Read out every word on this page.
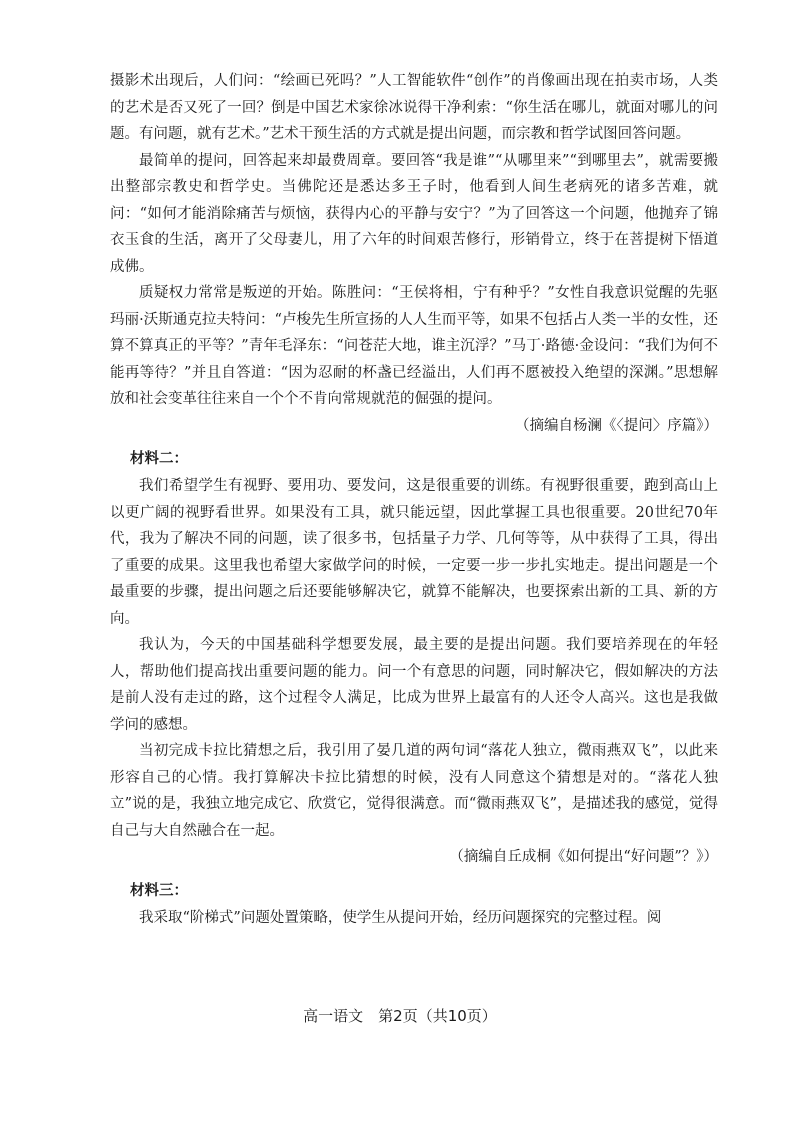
摄影术出现后，人们问：“绘画已死吗？”人工智能软件“创作”的肖像画出现在拍卖市场，人类的艺术是否又死了一回？倒是中国艺术家徐冰说得干净利索：“你生活在哪儿，就面对哪儿的问题。有问题，就有艺术。”艺术干预生活的方式就是提出问题，而宗教和哲学试图回答问题。

最简单的提问，回答起来却最费周章。要回答“我是谁”“从哪里来”“到哪里去”，就需要搬出整部宗教史和哲学史。当佛陀还是悉达多王子时，他看到人间生老病死的诸多苦难，就问：“如何才能消除痛苦与烦恼，获得内心的平静与安宁？”为了回答这一个问题，他抛弃了锦衣玉食的生活，离开了父母妻儿，用了六年的时间艰苦修行，形销骨立，终于在菩提树下悟道成佛。

质疑权力常常是叛逆的开始。陈胜问：“王侯将相，宁有种乎？”女性自我意识觉醒的先驱玛丽·沃斯通克拉夫特问：“卢梭先生所宣扬的人人生而平等，如果不包括占人类一半的女性，还算不算真正的平等？”青年毛泽东：“问苍茫大地，谁主沉浮？”马丁·路德·金设问：“我们为何不能再等待？”并且自答道：“因为忍耐的杯盏已经溢出，人们再不愿被投入绝望的深渊。”思想解放和社会变革往往来自一个个不肯向常规就范的倔强的提问。

（摘编自杨澜《〈提问〉序篇》）

材料二：

我们希望学生有视野、要用功、要发问，这是很重要的训练。有视野很重要，跑到高山上以更广阔的视野看世界。如果没有工具，就只能远望，因此掌握工具也很重要。20世纪70年代，我为了解决不同的问题，读了很多书，包括量子力学、几何等等，从中获得了工具，得出了重要的成果。这里我也希望大家做学问的时候，一定要一步一步扎实地走。提出问题是一个最重要的步骤，提出问题之后还要能够解决它，就算不能解决，也要探索出新的工具、新的方向。

我认为，今天的中国基础科学想要发展，最主要的是提出问题。我们要培养现在的年轻人，帮助他们提高找出重要问题的能力。问一个有意思的问题，同时解决它，假如解决的方法是前人没有走过的路，这个过程令人满足，比成为世界上最富有的人还令人高兴。这也是我做学问的感想。

当初完成卡拉比猜想之后，我引用了晏几道的两句词“落花人独立，微雨燕双飞”，以此来形容自己的心情。我打算解决卡拉比猜想的时候，没有人同意这个猜想是对的。“落花人独立”说的是，我独立地完成它、欣赏它，觉得很满意。而“微雨燕双飞”，是描述我的感觉，觉得自己与大自然融合在一起。

（摘编自丘成桐《如何提出“好问题”？》）

材料三：

我采取“阶梯式”问题处置策略，使学生从提问开始，经历问题探究的完整过程。阅

高一语文　第2页（共10页）
